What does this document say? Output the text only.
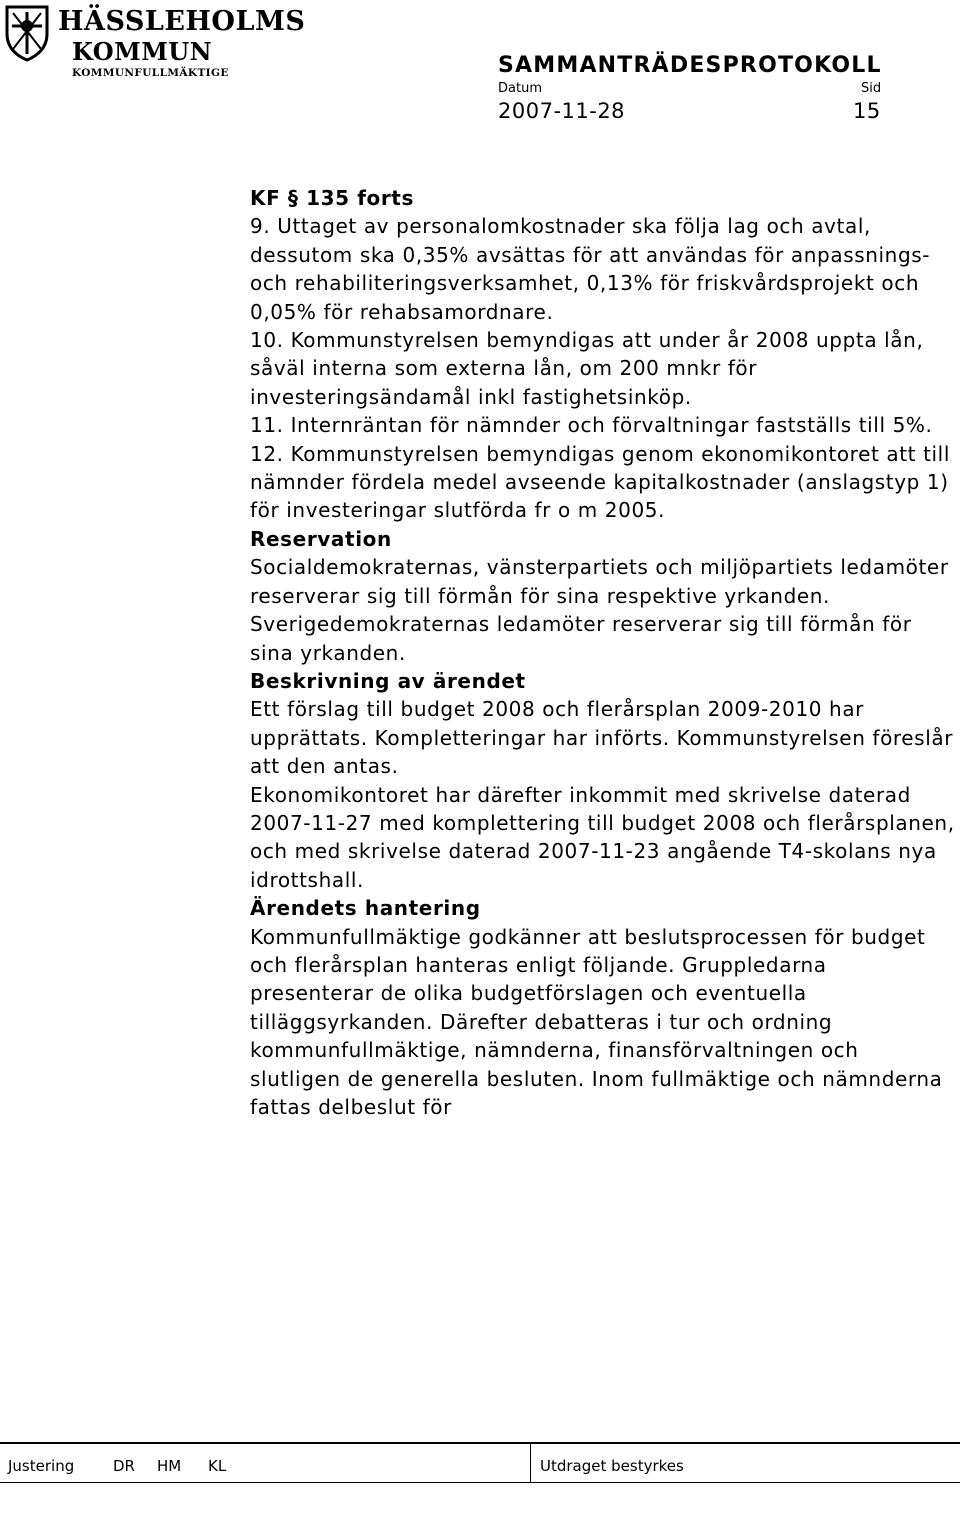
HÄSSLEHOLMS
KOMMUN
KOMMUNFULLMÄKTIGE	SAMMANTRÄDESPROTOKOLL
Datum	Sid
2007-11-28	15

KF § 135 forts

9. Uttaget av personalomkostnader ska följa lag och avtal, dessutom ska 0,35% avsättas för att användas för anpassnings- och rehabiliteringsverksamhet, 0,13% för friskvårdsprojekt och 0,05% för rehabsamordnare.

10. Kommunstyrelsen bemyndigas att under år 2008 uppta lån, såväl interna som externa lån, om 200 mnkr för investeringsändamål inkl fastighetsinköp.

11. Internräntan för nämnder och förvaltningar fastställs till 5%.

12. Kommunstyrelsen bemyndigas genom ekonomikontoret att till nämnder fördela medel avseende kapitalkostnader (anslagstyp 1) för investeringar slutförda fr o m 2005.

Reservation

Socialdemokraternas, vänsterpartiets och miljöpartiets ledamöter reserverar sig till förmån för sina respektive yrkanden. Sverigedemokraternas ledamöter reserverar sig till förmån för sina yrkanden.

Beskrivning av ärendet

Ett förslag till budget 2008 och flerårsplan 2009-2010 har upprättats. Kompletteringar har införts. Kommunstyrelsen föreslår att den antas.

Ekonomikontoret har därefter inkommit med skrivelse daterad 2007-11-27 med komplettering till budget 2008 och flerårsplanen, och med skrivelse daterad 2007-11-23 angående T4-skolans nya idrottshall.

Ärendets hantering

Kommunfullmäktige godkänner att beslutsprocessen för budget och flerårsplan hanteras enligt följande. Gruppledarna presenterar de olika budgetförslagen och eventuella tilläggsyrkanden. Därefter debatteras i tur och ordning kommunfullmäktige, nämnderna, finansförvaltningen och slutligen de generella besluten. Inom fullmäktige och nämnderna fattas delbeslut för

Justering	DR HM KL	Utdraget bestyrkes
